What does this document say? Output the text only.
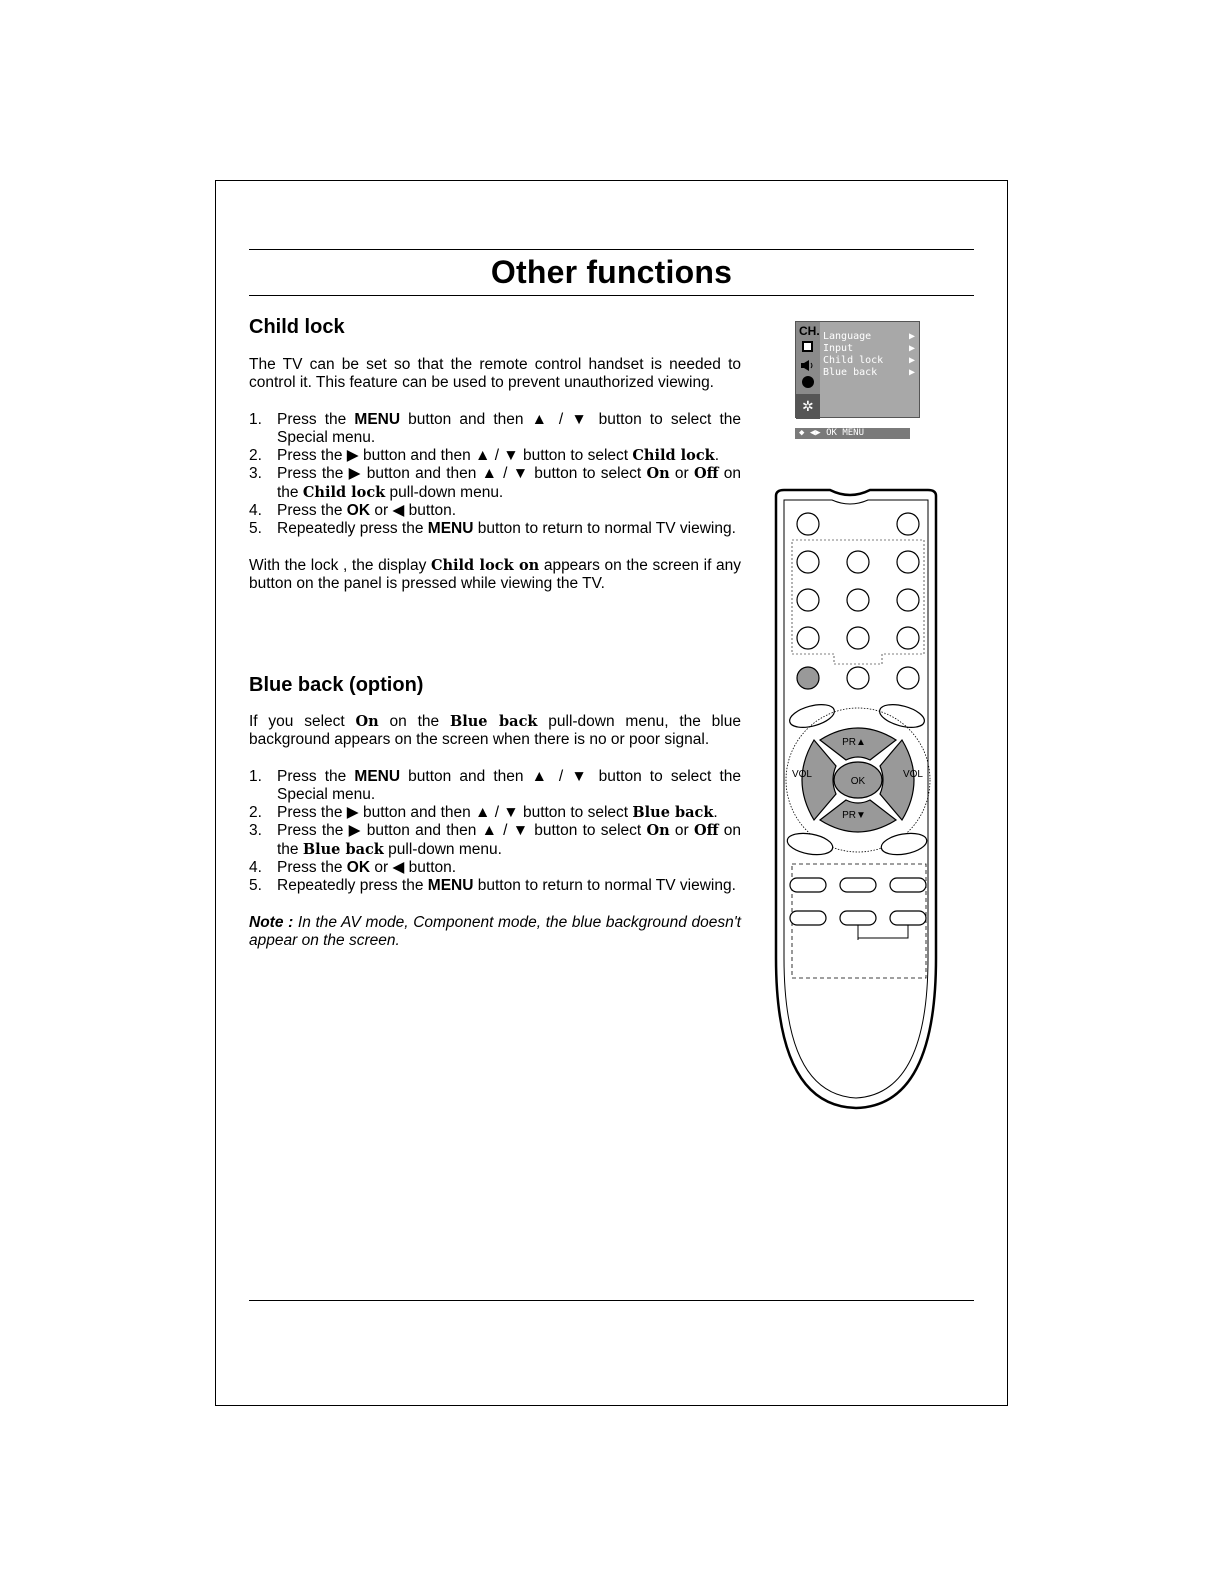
Other functions
Child lock

The TV can be set so that the remote control handset is needed to control it. This feature can be used to prevent unauthorized viewing.

1. Press the MENU button and then ▲ / ▼ button to select the Special menu.
2. Press the ▶ button and then ▲ / ▼ button to select Child lock.
3. Press the ▶ button and then ▲ / ▼ button to select On or Off on the Child lock pull-down menu.
4. Press the OK or ◀ button.
5. Repeatedly press the MENU button to return to normal TV viewing.

With the lock , the display Child lock on appears on the screen if any button on the panel is pressed while viewing the TV.

Blue back (option)

If you select On on the Blue back pull-down menu, the blue background appears on the screen when there is no or poor signal.

1. Press the MENU button and then ▲ / ▼ button to select the Special menu.
2. Press the ▶ button and then ▲ / ▼ button to select Blue back.
3. Press the ▶ button and then ▲ / ▼ button to select On or Off on the Blue back pull-down menu.
4. Press the OK or ◀ button.
5. Repeatedly press the MENU button to return to normal TV viewing.

Note : In the AV mode, Component mode, the blue background doesn't appear on the screen.

CH.
✲
Language	▶
Input	▶
Child lock	▶
Blue back	▶
◆ ◀▶ OK MENU
PR▲
PR▼
VOL	VOL
OK
